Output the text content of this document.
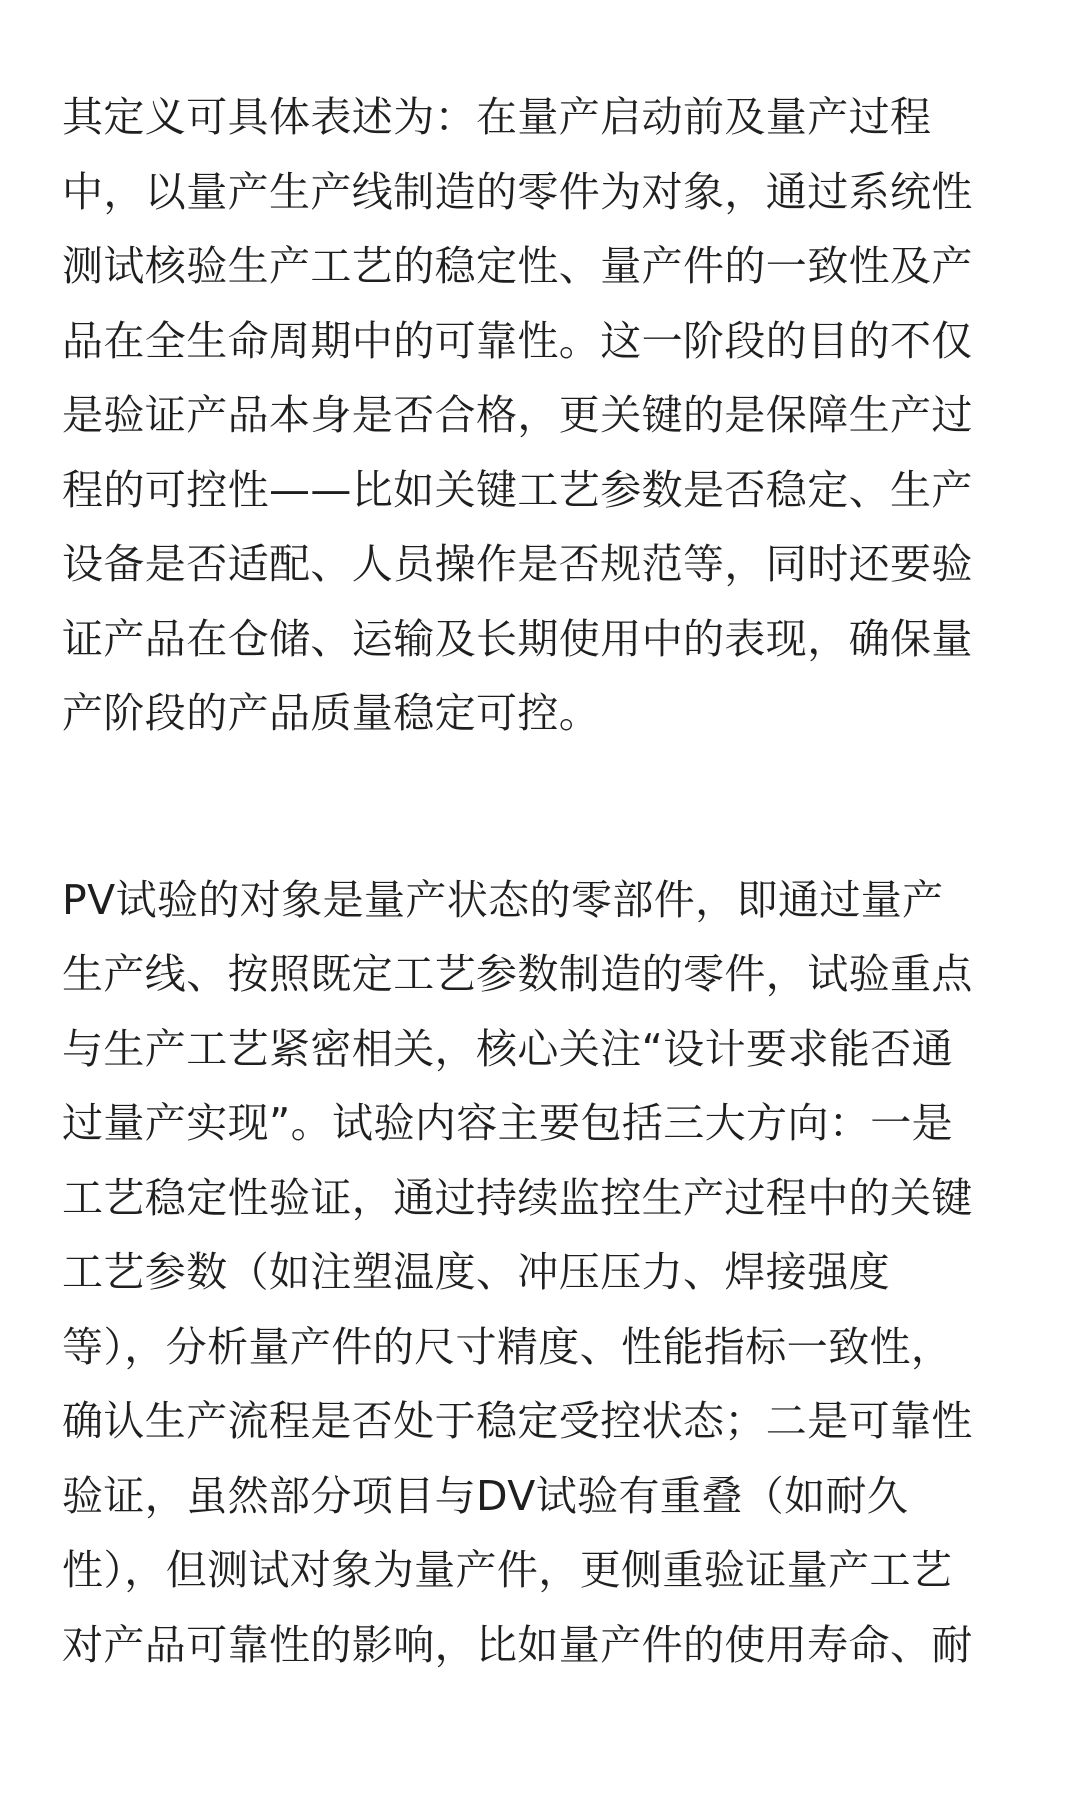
其定义可具体表述为：在量产启动前及量产过程
中，以量产生产线制造的零件为对象，通过系统性
测试核验生产工艺的稳定性、量产件的一致性及产
品在全生命周期中的可靠性。这一阶段的目的不仅
是验证产品本身是否合格，更关键的是保障生产过
程的可控性——比如关键工艺参数是否稳定、生产
设备是否适配、人员操作是否规范等，同时还要验
证产品在仓储、运输及长期使用中的表现，确保量
产阶段的产品质量稳定可控。

PV试验的对象是量产状态的零部件，即通过量产
生产线、按照既定工艺参数制造的零件，试验重点
与生产工艺紧密相关，核心关注“设计要求能否通
过量产实现”。试验内容主要包括三大方向：一是
工艺稳定性验证，通过持续监控生产过程中的关键
工艺参数（如注塑温度、冲压压力、焊接强度
等），分析量产件的尺寸精度、性能指标一致性，
确认生产流程是否处于稳定受控状态；二是可靠性
验证，虽然部分项目与DV试验有重叠（如耐久
性），但测试对象为量产件，更侧重验证量产工艺
对产品可靠性的影响，比如量产件的使用寿命、耐
